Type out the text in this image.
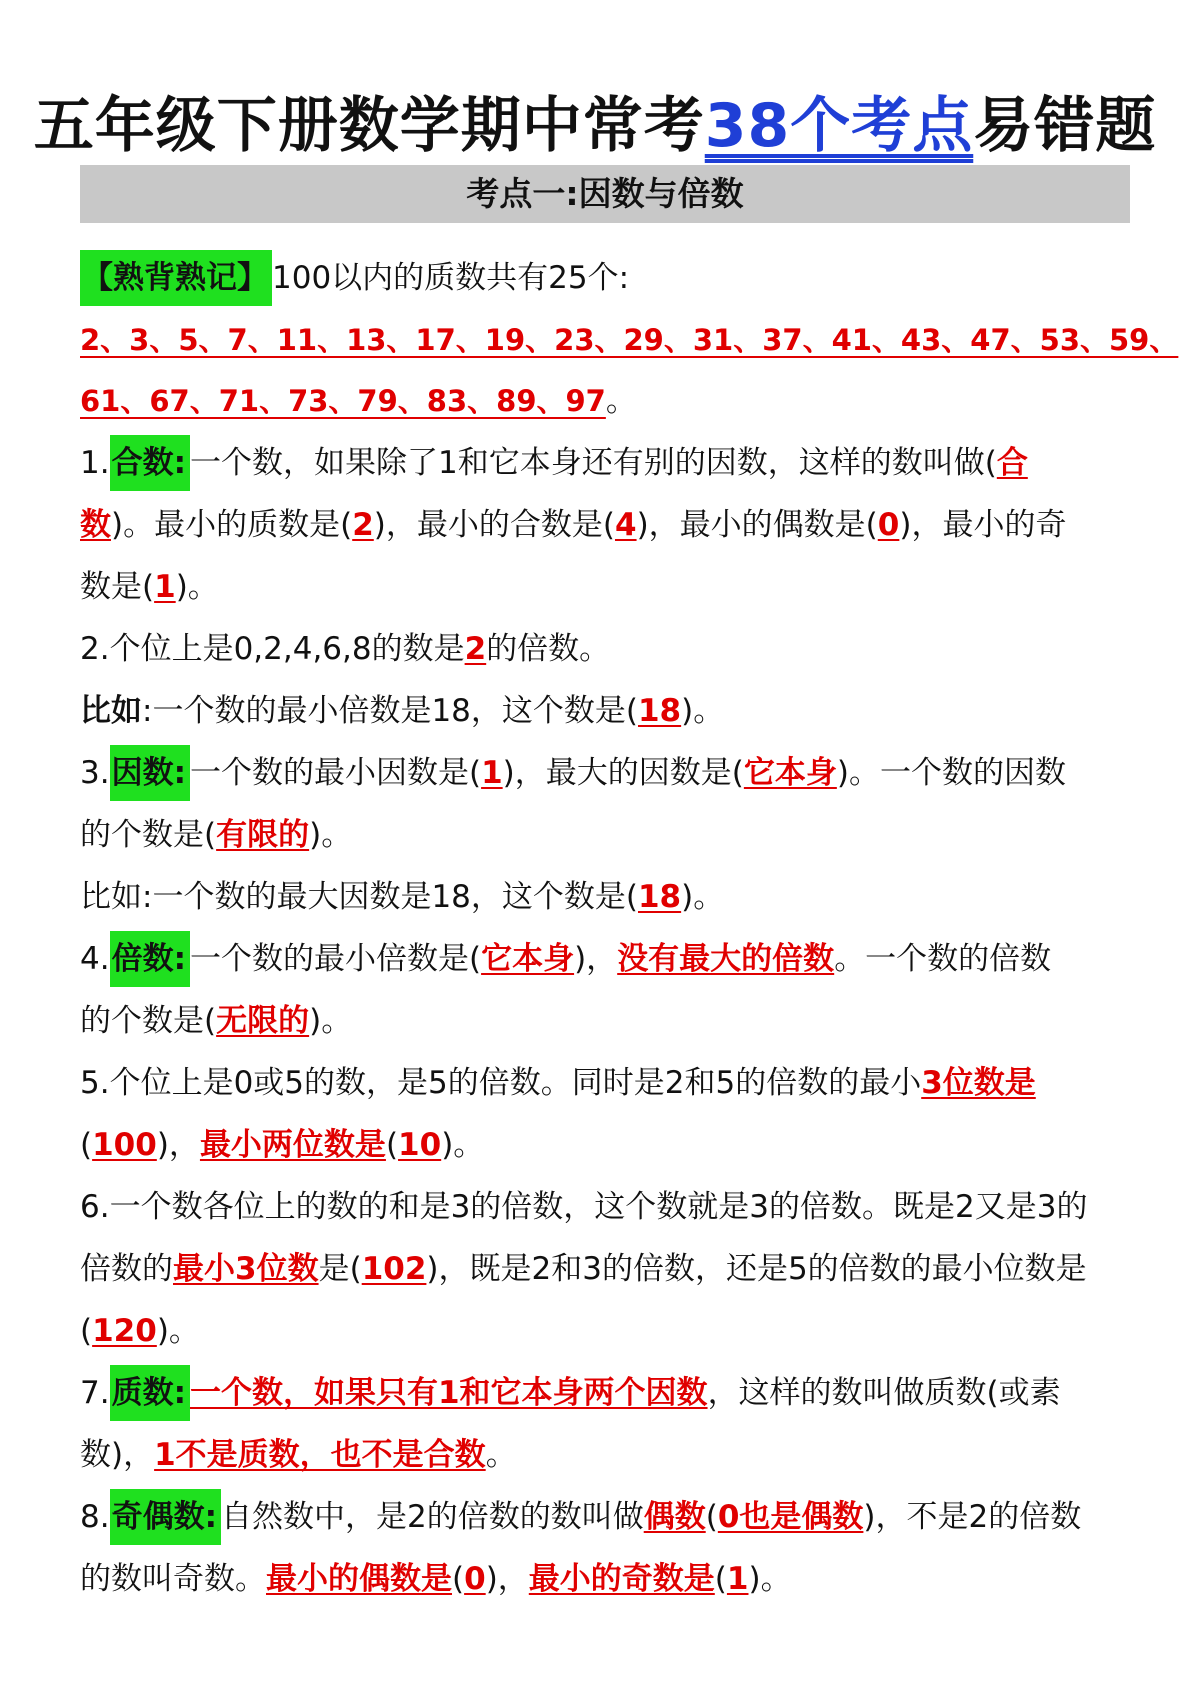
五年级下册数学期中常考38个考点易错题
考点一:因数与倍数
【熟背熟记】 100以内的质数共有25个:
2、3、5、7、11、13、17、19、23、29、31、37、41、43、47、53、59、
61、67、71、73、79、83、89、97。
1.合数: 一个数，如果除了1和它本身还有别的因数，这样的数叫做(合
数)。最小的质数是(2)，最小的合数是(4)，最小的偶数是(0)，最小的奇
数是(1)。
2.个位上是0,2,4,6,8的数是2的倍数。
比如:一个数的最小倍数是18，这个数是(18)。
3.因数: 一个数的最小因数是(1)，最大的因数是(它本身)。一个数的因数
的个数是(有限的)。
比如:一个数的最大因数是18，这个数是(18)。
4.倍数: 一个数的最小倍数是(它本身)，没有最大的倍数。一个数的倍数
的个数是(无限的)。
5.个位上是0或5的数，是5的倍数。同时是2和5的倍数的最小3位数是
(100)，最小两位数是(10)。
6.一个数各位上的数的和是3的倍数，这个数就是3的倍数。既是2又是3的
倍数的最小3位数是(102)，既是2和3的倍数，还是5的倍数的最小位数是
(120)。
7.质数: 一个数，如果只有1和它本身两个因数，这样的数叫做质数(或素
数)，1不是质数，也不是合数。
8.奇偶数: 自然数中，是2的倍数的数叫做偶数(0也是偶数)，不是2的倍数
的数叫奇数。最小的偶数是(0)，最小的奇数是(1)。
